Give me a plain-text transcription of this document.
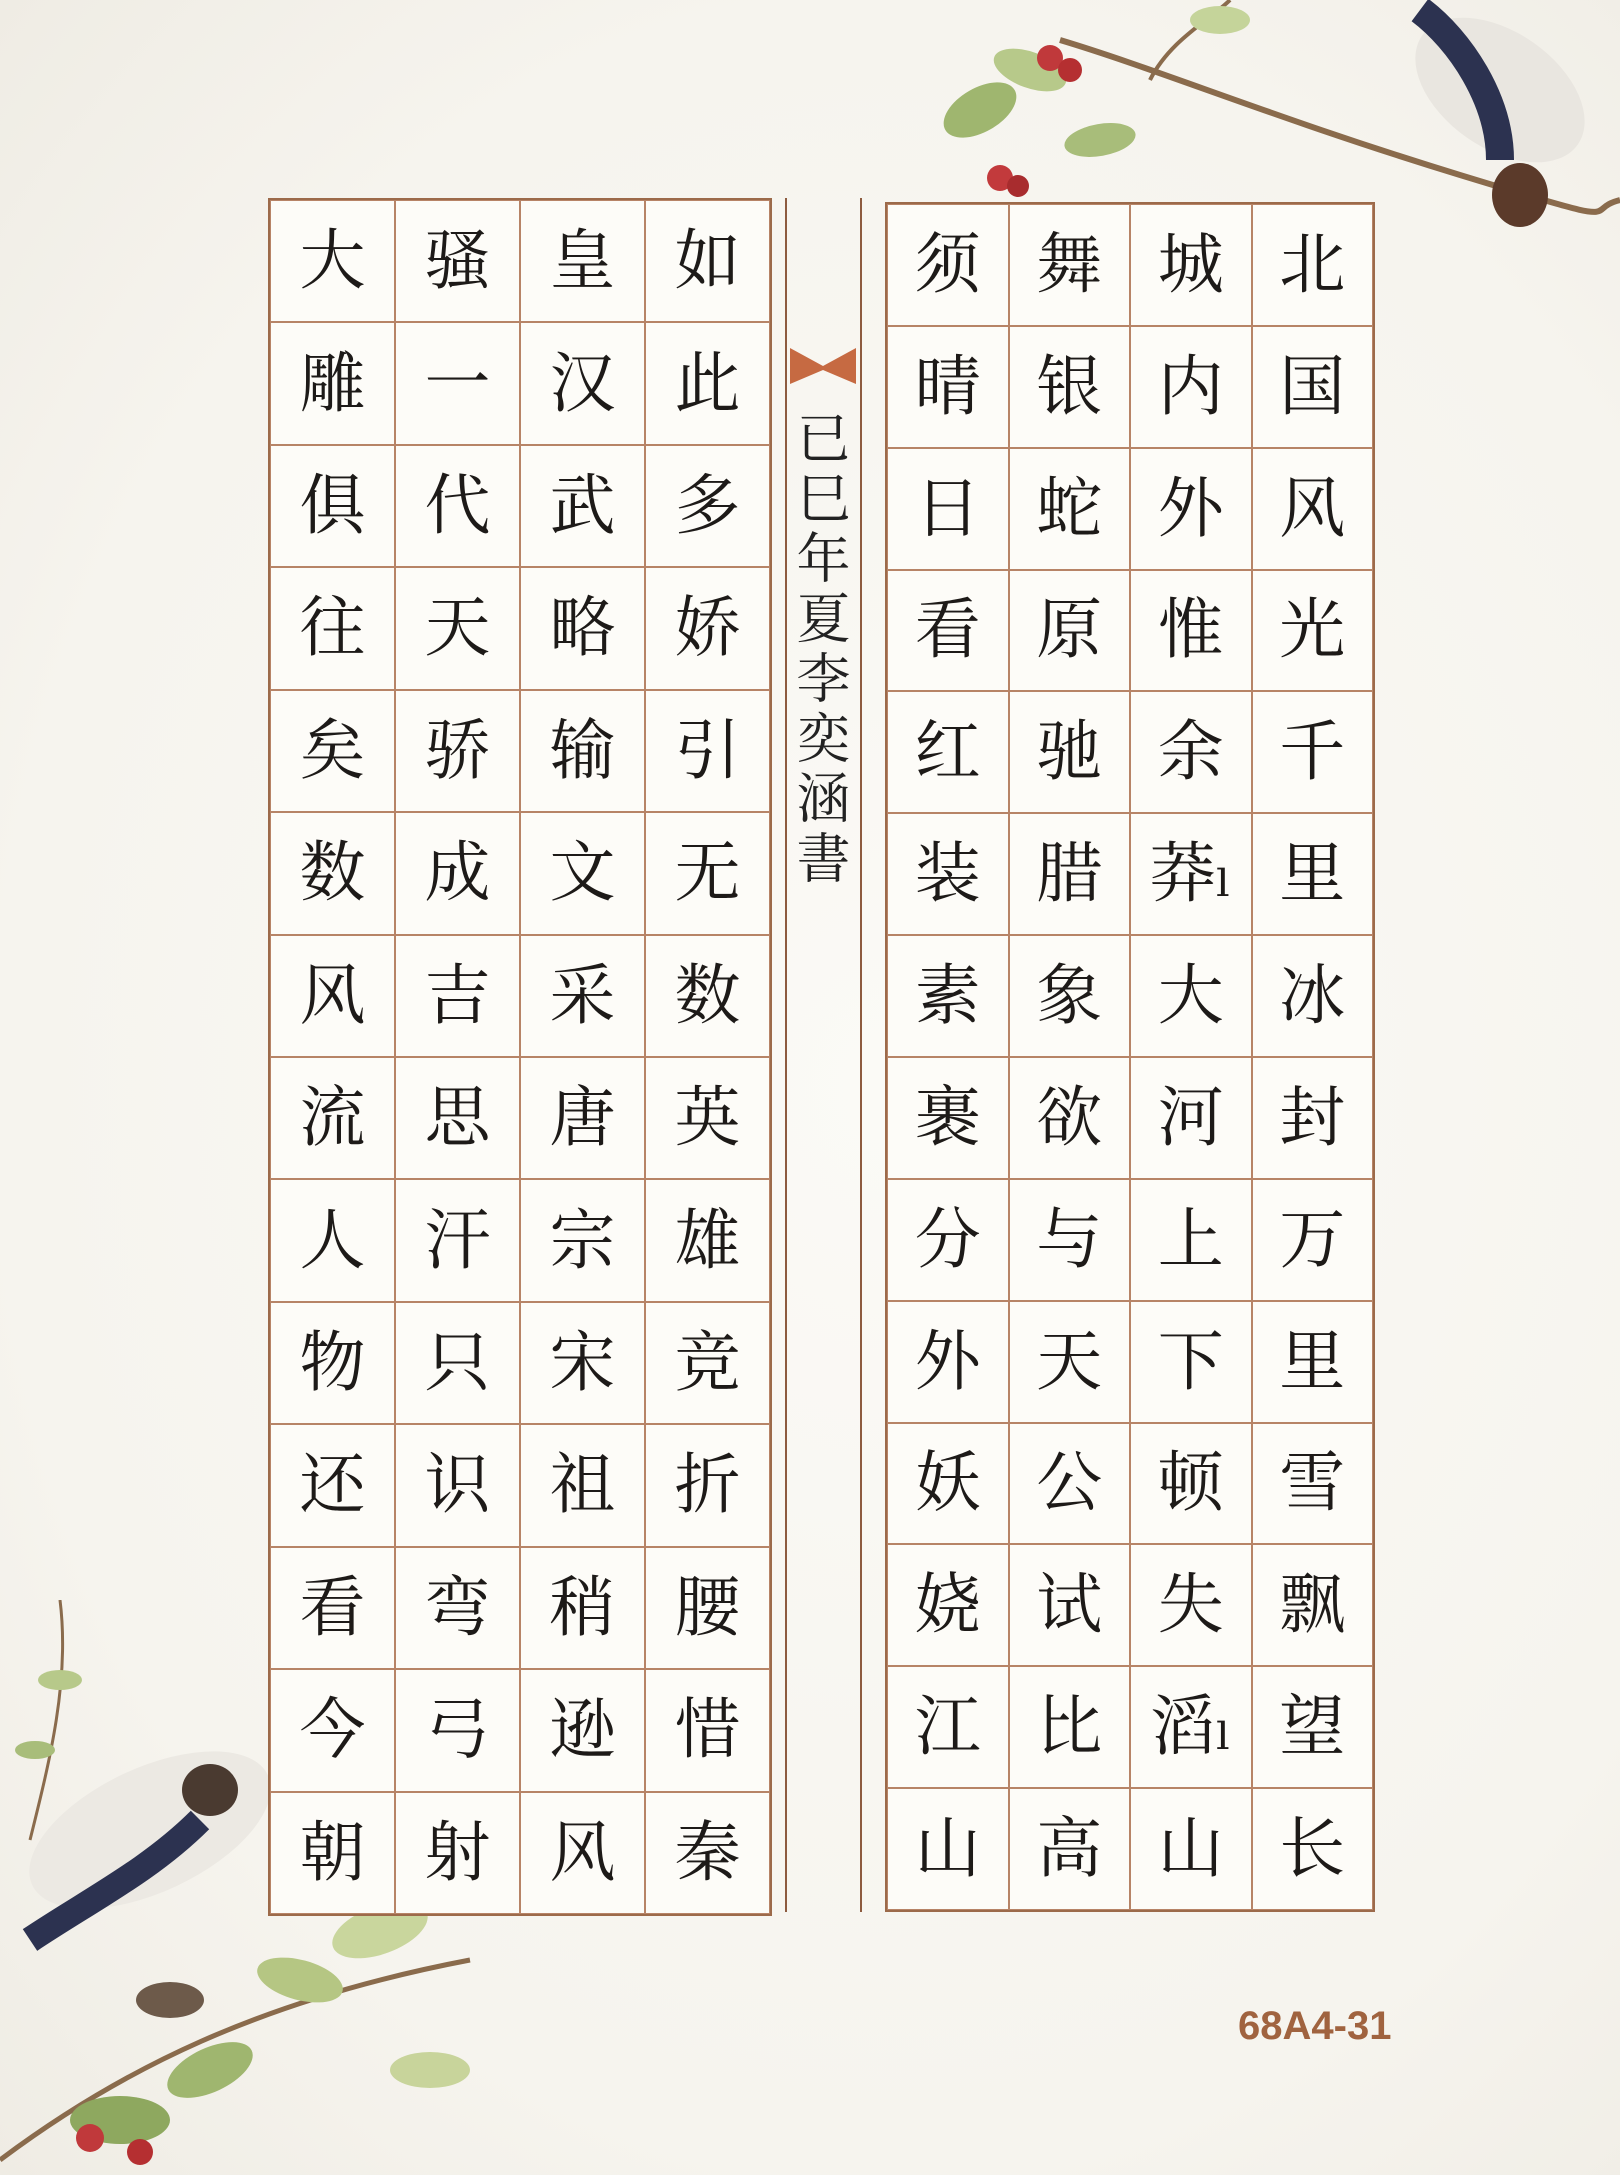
大 骚 皇 如
雕 一 汉 此
俱 代 武 多
往 天 略 娇
矣 骄 输 引
数 成 文 无
风 吉 采 数
流 思 唐 英
人 汗 宗 雄
物 只 宋 竞
还 识 祖 折
看 弯 稍 腰
今 弓 逊 惜
朝 射 风 秦
须 舞 城 北
晴 银 内 国
日 蛇 外 风
看 原 惟 光
红 驰 余 千
装 腊 莽ₗ 里
素 象 大 冰
裹 欲 河 封
分 与 上 万
外 天 下 里
妖 公 顿 雪
娆 试 失 飘
江 比 滔ₗ 望
山 高 山 长
已巳年夏李奕涵書
68A4-31
